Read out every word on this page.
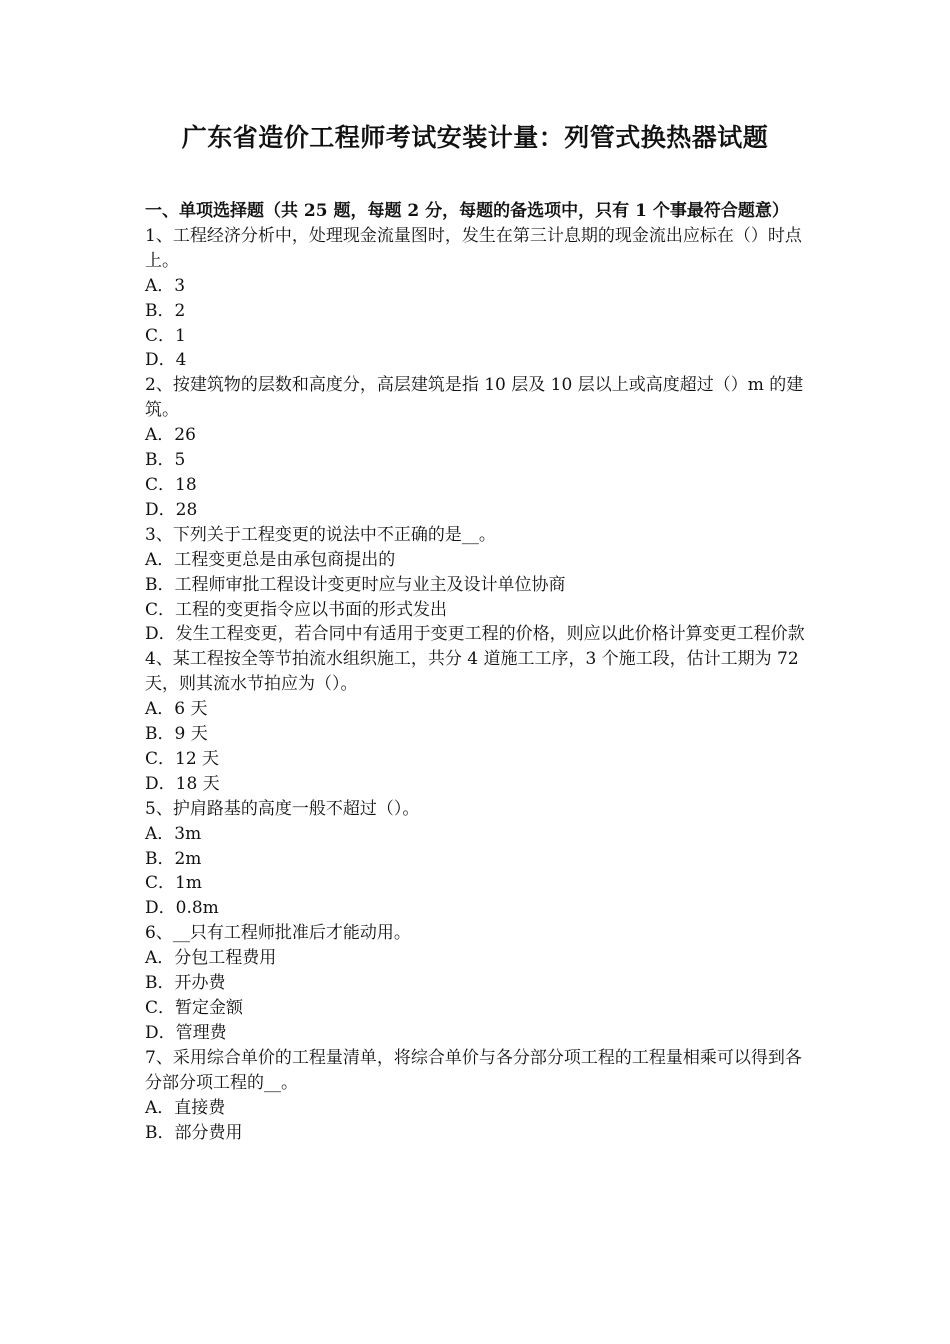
广东省造价工程师考试安装计量：列管式换热器试题

一、单项选择题（共 25 题，每题 2 分，每题的备选项中，只有 1 个事最符合题意）

1、工程经济分析中，处理现金流量图时，发生在第三计息期的现金流出应标在（）时点上。

A．3

B．2

C．1

D．4

2、按建筑物的层数和高度分，高层建筑是指 10 层及 10 层以上或高度超过（）m 的建筑。

A．26

B．5

C．18

D．28

3、下列关于工程变更的说法中不正确的是__。

A．工程变更总是由承包商提出的

B．工程师审批工程设计变更时应与业主及设计单位协商

C．工程的变更指令应以书面的形式发出

D．发生工程变更，若合同中有适用于变更工程的价格，则应以此价格计算变更工程价款

4、某工程按全等节拍流水组织施工，共分 4 道施工工序，3 个施工段，估计工期为 72 天，则其流水节拍应为（）。

A．6 天

B．9 天

C．12 天

D．18 天

5、护肩路基的高度一般不超过（）。

A．3m

B．2m

C．1m

D．0.8m

6、__只有工程师批准后才能动用。

A．分包工程费用

B．开办费

C．暂定金额

D．管理费

7、采用综合单价的工程量清单，将综合单价与各分部分项工程的工程量相乘可以得到各分部分项工程的__。

A．直接费

B．部分费用
